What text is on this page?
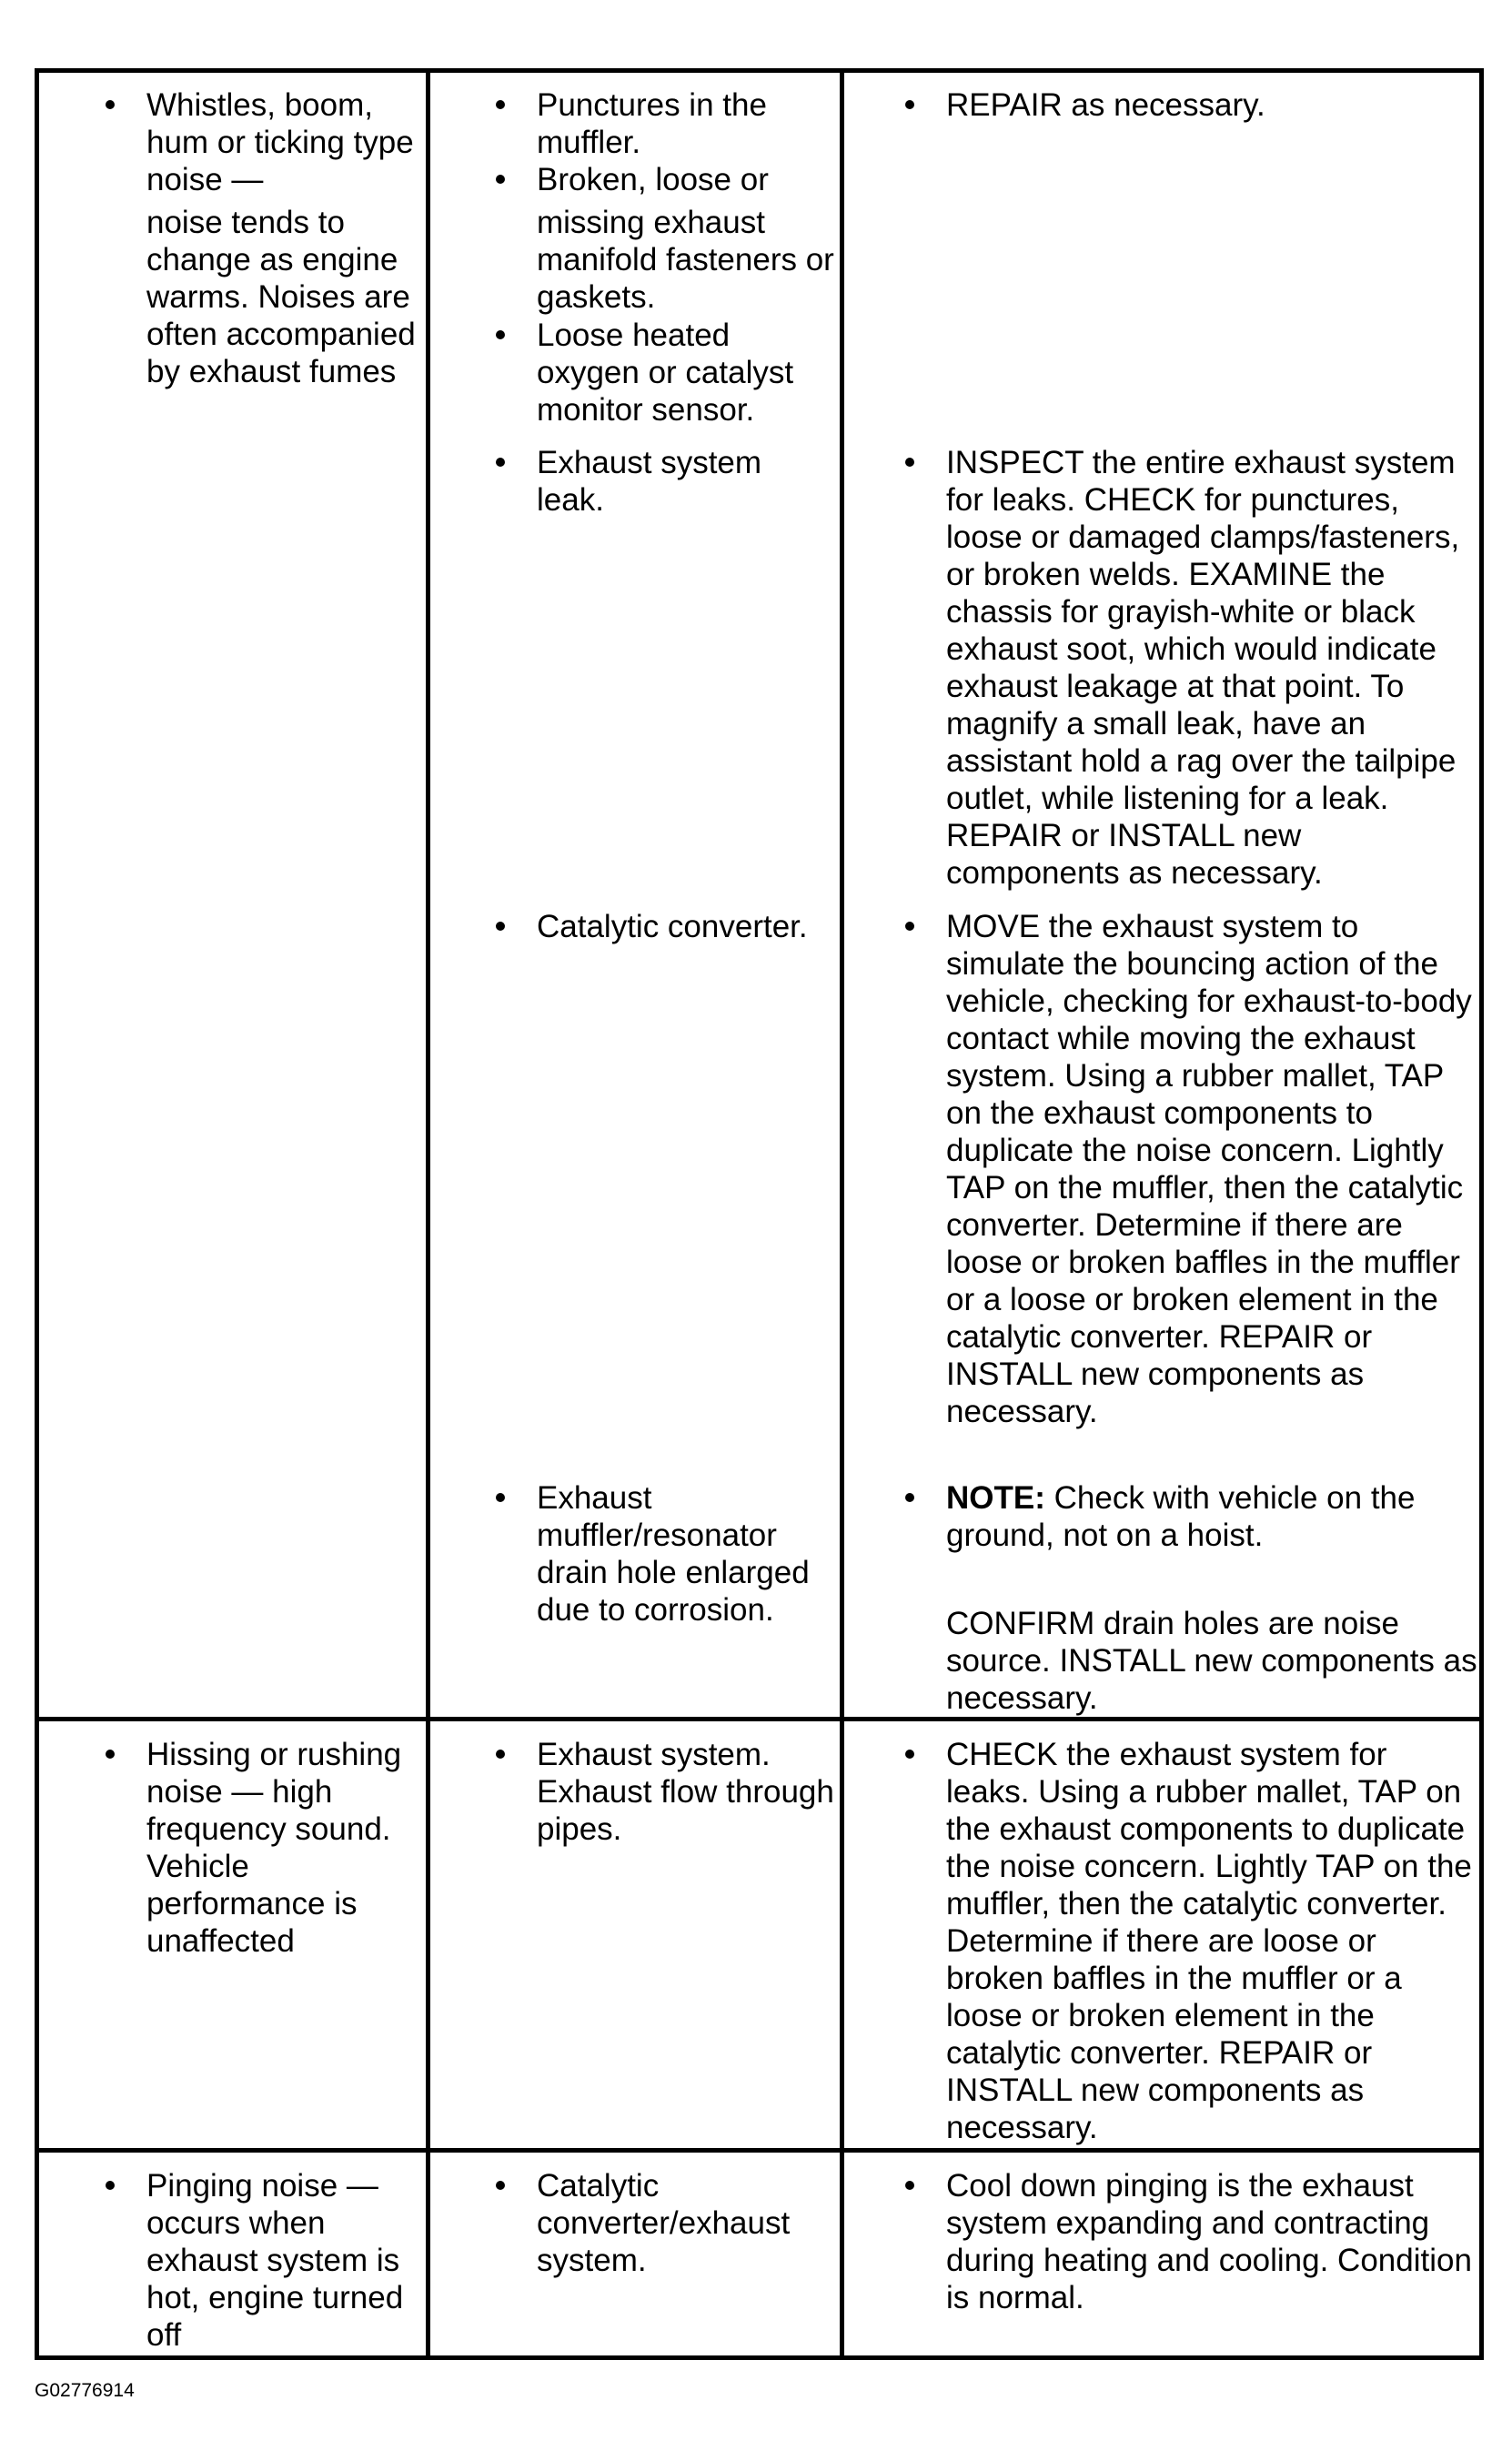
Whistles, boom, hum or ticking type noise —

noise tends to change as engine warms. Noises are often accompanied by exhaust fumes

Punctures in the muffler.
Broken, loose or
missing exhaust manifold fasteners or gaskets.
Loose heated oxygen or catalyst monitor sensor.
Exhaust system leak.
Catalytic converter.
Exhaust muffler/resonator drain hole enlarged due to corrosion.
REPAIR as necessary.
INSPECT the entire exhaust system for leaks. CHECK for punctures, loose or damaged clamps/fasteners, or broken welds. EXAMINE the chassis for grayish-white or black exhaust soot, which would indicate exhaust leakage at that point. To magnify a small leak, have an assistant hold a rag over the tailpipe outlet, while listening for a leak. REPAIR or INSTALL new components as necessary.
MOVE the exhaust system to simulate the bouncing action of the vehicle, checking for exhaust-to-body contact while moving the exhaust system. Using a rubber mallet, TAP on the exhaust components to duplicate the noise concern. Lightly TAP on the muffler, then the catalytic converter. Determine if there are loose or broken baffles in the muffler or a loose or broken element in the catalytic converter. REPAIR or INSTALL new components as necessary.

NOTE: Check with vehicle on the ground, not on a hoist.

CONFIRM drain holes are noise source. INSTALL new components as necessary.
Hissing or rushing noise — high frequency sound. Vehicle performance is unaffected
Exhaust system. Exhaust flow through pipes.
CHECK the exhaust system for leaks. Using a rubber mallet, TAP on the exhaust components to duplicate the noise concern. Lightly TAP on the muffler, then the catalytic converter. Determine if there are loose or broken baffles in the muffler or a loose or broken element in the catalytic converter. REPAIR or INSTALL new components as necessary.
Pinging noise — occurs when exhaust system is hot, engine turned off
Catalytic converter/exhaust system.
Cool down pinging is the exhaust system expanding and contracting during heating and cooling. Condition is normal.
G02776914
